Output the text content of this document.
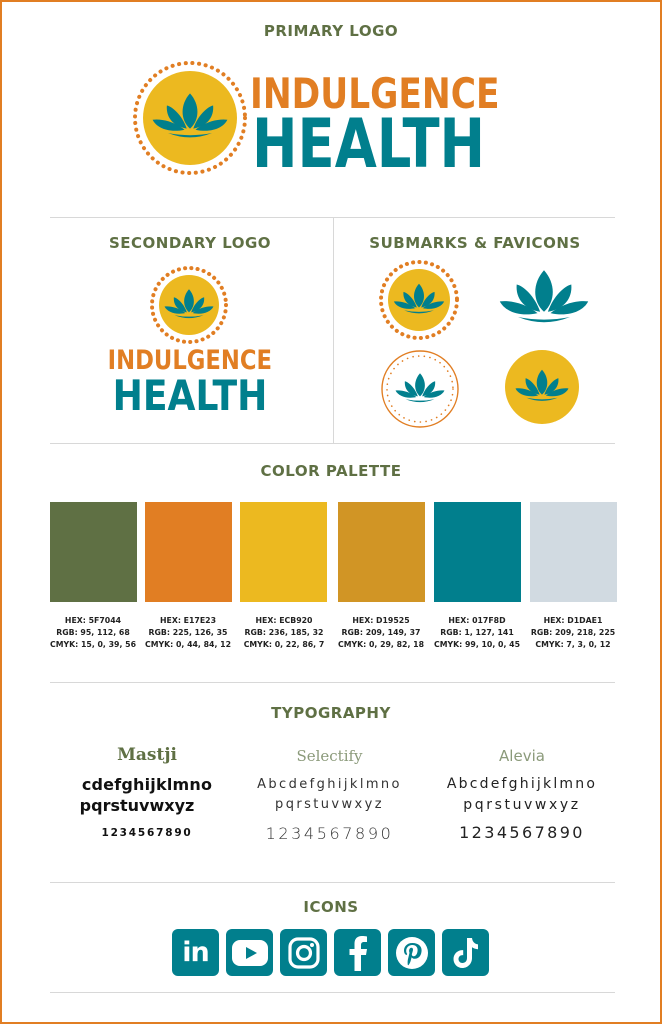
PRIMARY LOGO
INDULGENCE
HEALTH
SECONDARY LOGO
INDULGENCE
HEALTH
SUBMARKS & FAVICONS
COLOR PALETTE
HEX: 5F7044
RGB: 95, 112, 68
CMYK: 15, 0, 39, 56
HEX: E17E23
RGB: 225, 126, 35
CMYK: 0, 44, 84, 12
HEX: ECB920
RGB: 236, 185, 32
CMYK: 0, 22, 86, 7
HEX: D19525
RGB: 209, 149, 37
CMYK: 0, 29, 82, 18
HEX: 017F8D
RGB: 1, 127, 141
CMYK: 99, 10, 0, 45
HEX: D1DAE1
RGB: 209, 218, 225
CMYK: 7, 3, 0, 12
TYPOGRAPHY
Mastji
cdefghijklmno
pqrstuvwxyz
1234567890
Selectify
Abcdefghijklmno
pqrstuvwxyz
1234567890
Alevia
Abcdefghijklmno
pqrstuvwxyz
1234567890
ICONS
in
